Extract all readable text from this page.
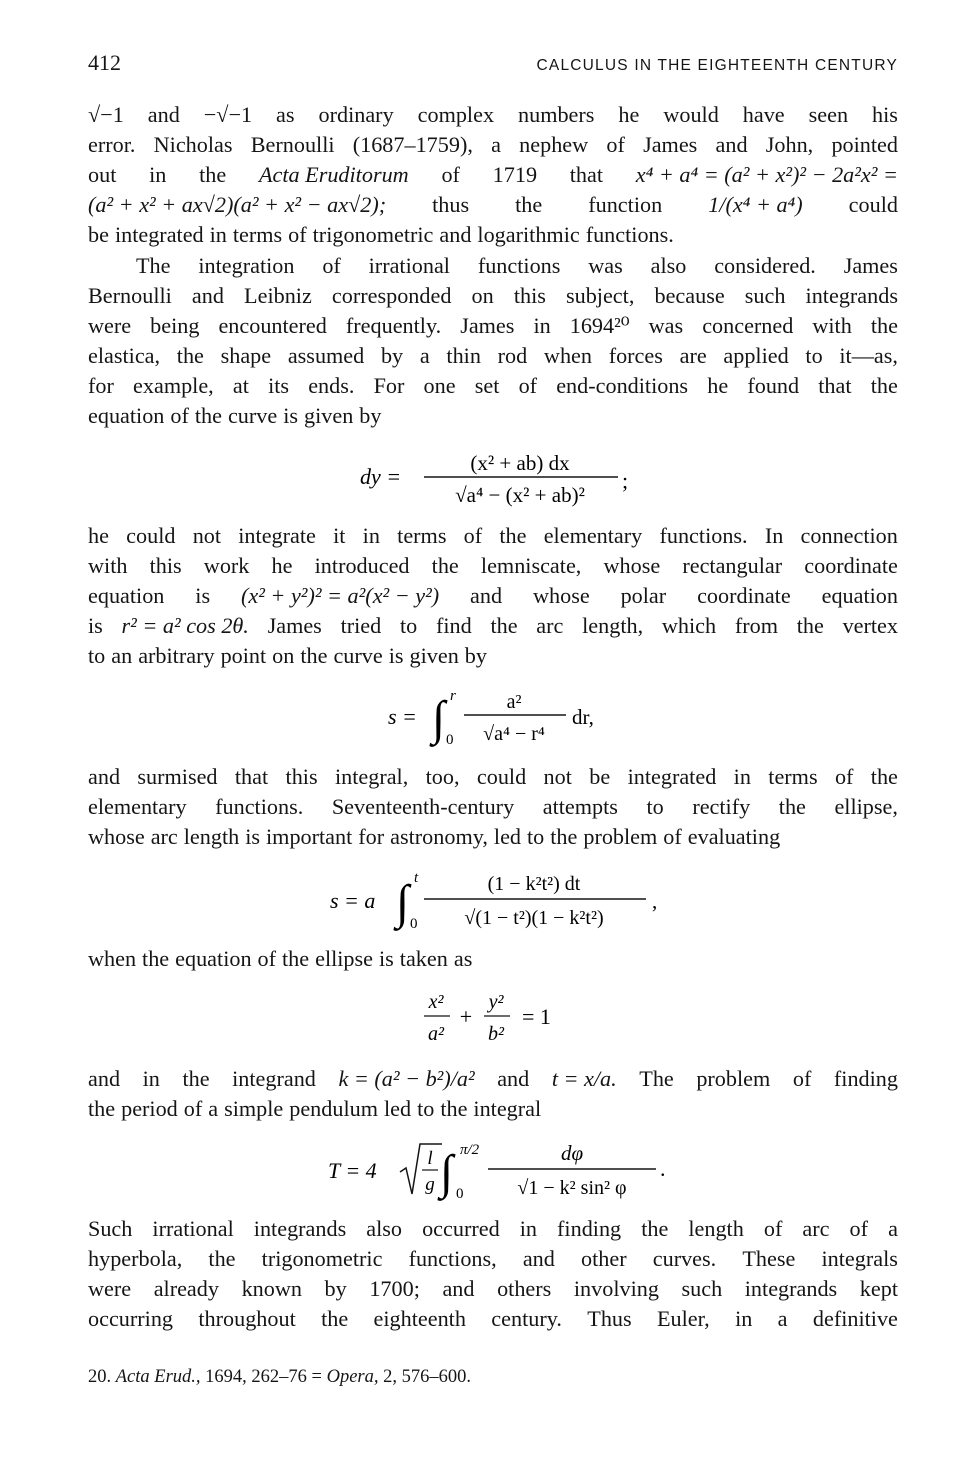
412	CALCULUS IN THE EIGHTEENTH CENTURY
√−1 and −√−1 as ordinary complex numbers he would have seen his
error. Nicholas Bernoulli (1687–1759), a nephew of James and John, pointed
out in the Acta Eruditorum of 1719 that x⁴ + a⁴ = (a² + x²)² − 2a²x² =
(a² + x² + ax√2)(a² + x² − ax√2); thus the function 1/(x⁴ + a⁴) could
be integrated in terms of trigonometric and logarithmic functions.
The integration of irrational functions was also considered. James
Bernoulli and Leibniz corresponded on this subject, because such integrands
were being encountered frequently. James in 1694²⁰ was concerned with the
elastica, the shape assumed by a thin rod when forces are applied to it—as,
for example, at its ends. For one set of end-conditions he found that the
equation of the curve is given by
dy =
(x² + ab) dx
√a⁴ − (x² + ab)²
;
he could not integrate it in terms of the elementary functions. In connection
with this work he introduced the lemniscate, whose rectangular coordinate
equation is (x² + y²)² = a²(x² − y²) and whose polar coordinate equation
is r² = a² cos 2θ. James tried to find the arc length, which from the vertex
to an arbitrary point on the curve is given by
s = ∫ r
0
a²
√a⁴ − r⁴
dr,
and surmised that this integral, too, could not be integrated in terms of the
elementary functions. Seventeenth-century attempts to rectify the ellipse,
whose arc length is important for astronomy, led to the problem of evaluating
s = a ∫ t
0
(1 − k²t²) dt
√(1 − t²)(1 − k²t²)
,
when the equation of the ellipse is taken as
x²
a²
+
y²
b²
= 1
and in the integrand k = (a² − b²)/a² and t = x/a. The problem of finding
the period of a simple pendulum led to the integral
T = 4	l
g ∫ π/2
0
dφ
√1 − k² sin² φ
.
Such irrational integrands also occurred in finding the length of arc of a
hyperbola, the trigonometric functions, and other curves. These integrals
were already known by 1700; and others involving such integrands kept
occurring throughout the eighteenth century. Thus Euler, in a definitive
20. Acta Erud., 1694, 262–76 = Opera, 2, 576–600.
